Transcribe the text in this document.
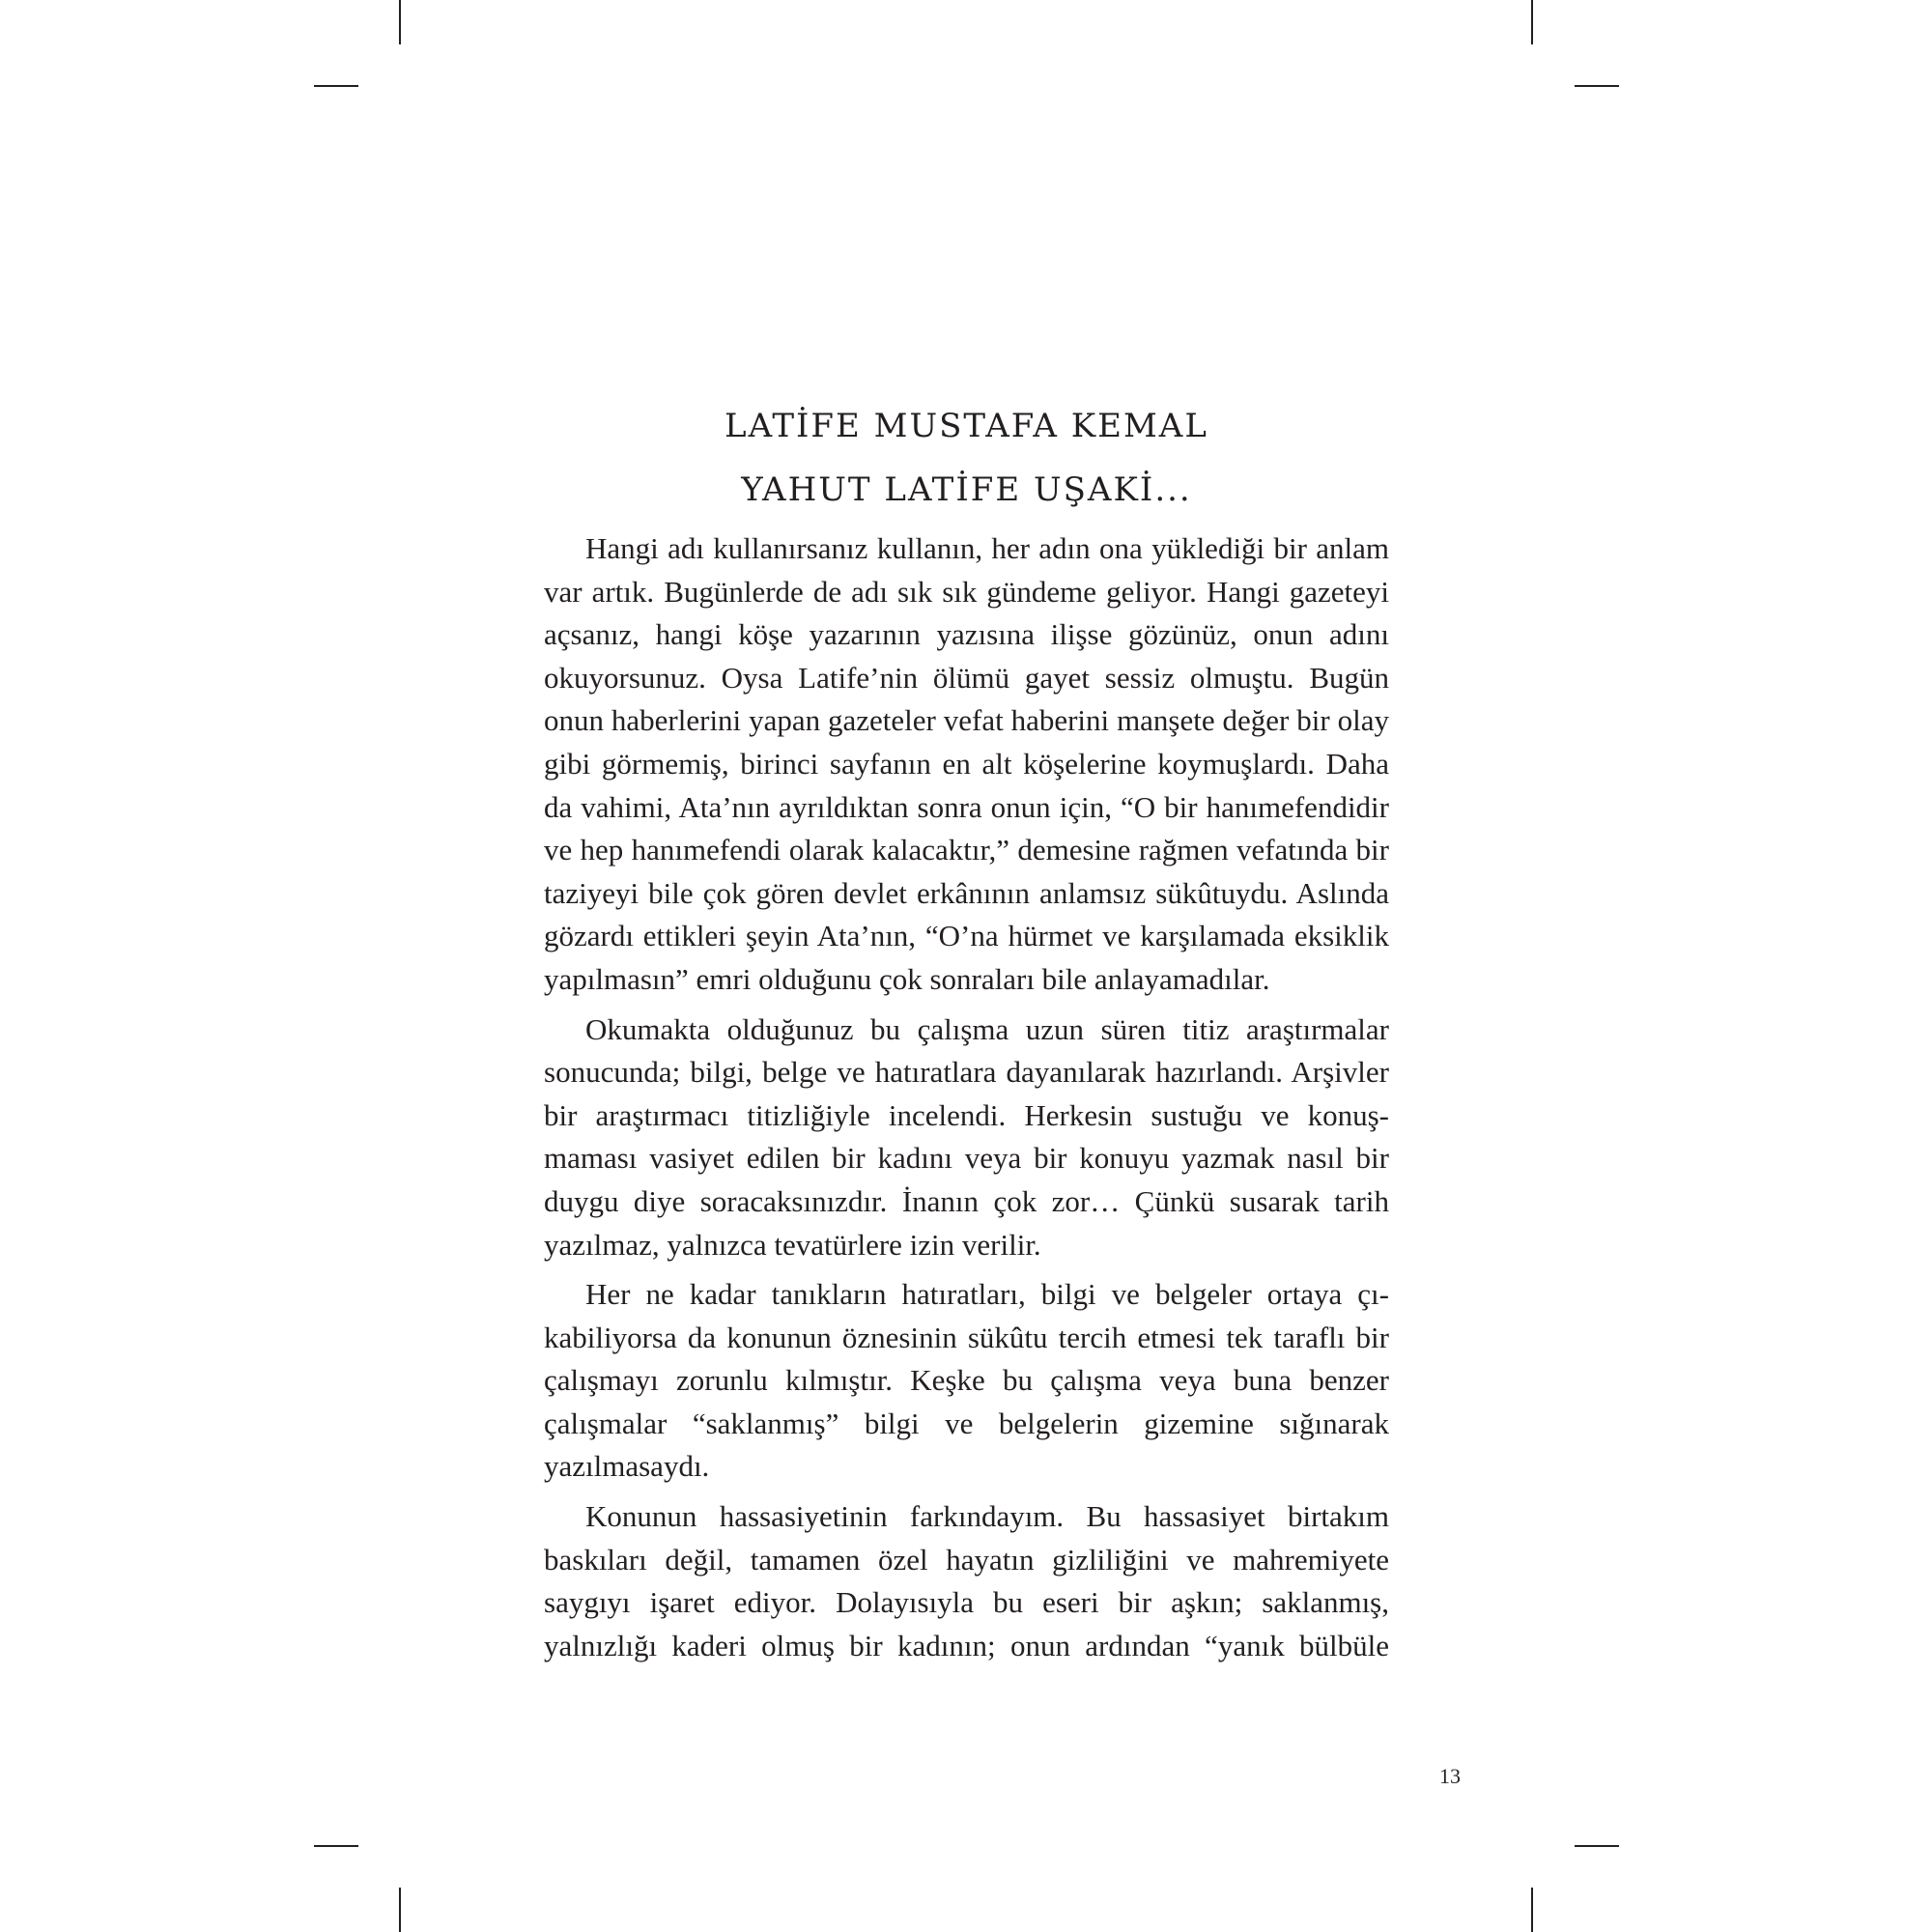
LATİFE MUSTAFA KEMAL
YAHUT LATİFE UŞAKİ...

Hangi adı kullanırsanız kullanın, her adın ona yüklediği bir anlam var artık. Bugünlerde de adı sık sık gündeme geliyor. Hangi gazeteyi açsanız, hangi köşe yazarının yazısına ilişse gözünüz, onun adını okuyorsunuz. Oysa Latife’nin ölümü gayet sessiz olmuştu. Bugün onun haberlerini yapan gazeteler vefat haberini manşete değer bir olay gibi görmemiş, birinci sayfanın en alt köşelerine koymuşlardı. Daha da vahimi, Ata’nın ayrıldıktan sonra onun için, “O bir hanımefendidir ve hep hanımefendi olarak kalacaktır,” demesine rağmen vefatında bir taziyeyi bile çok gören devlet erkânının anlamsız sükûtuydu. Aslında gözardı ettikleri şeyin Ata’nın, “O’na hürmet ve karşılamada eksiklik yapılmasın” emri olduğunu çok sonraları bile anlayamadılar.

Okumakta olduğunuz bu çalışma uzun süren titiz araştırmalar sonucunda; bilgi, belge ve hatıratlara dayanılarak hazırlandı. Arşivler bir araştırmacı titizliğiyle incelendi. Herkesin sustuğu ve konuşmaması vasiyet edilen bir kadını veya bir konuyu yazmak nasıl bir duygu diye soracaksınızdır. İnanın çok zor… Çünkü susarak tarih yazılmaz, yalnızca tevatürlere izin verilir.

Her ne kadar tanıkların hatıratları, bilgi ve belgeler ortaya çıkabiliyorsa da konunun öznesinin sükûtu tercih etmesi tek taraflı bir çalışmayı zorunlu kılmıştır. Keşke bu çalışma veya buna benzer çalışmalar “saklanmış” bilgi ve belgelerin gizemine sığınarak yazılmasaydı.

Konunun hassasiyetinin farkındayım. Bu hassasiyet birtakım baskıları değil, tamamen özel hayatın gizliliğini ve mahremiyete saygıyı işaret ediyor. Dolayısıyla bu eseri bir aşkın; saklanmış, yalnızlığı kaderi olmuş bir kadının; onun ardından “yanık bülbüle

13
